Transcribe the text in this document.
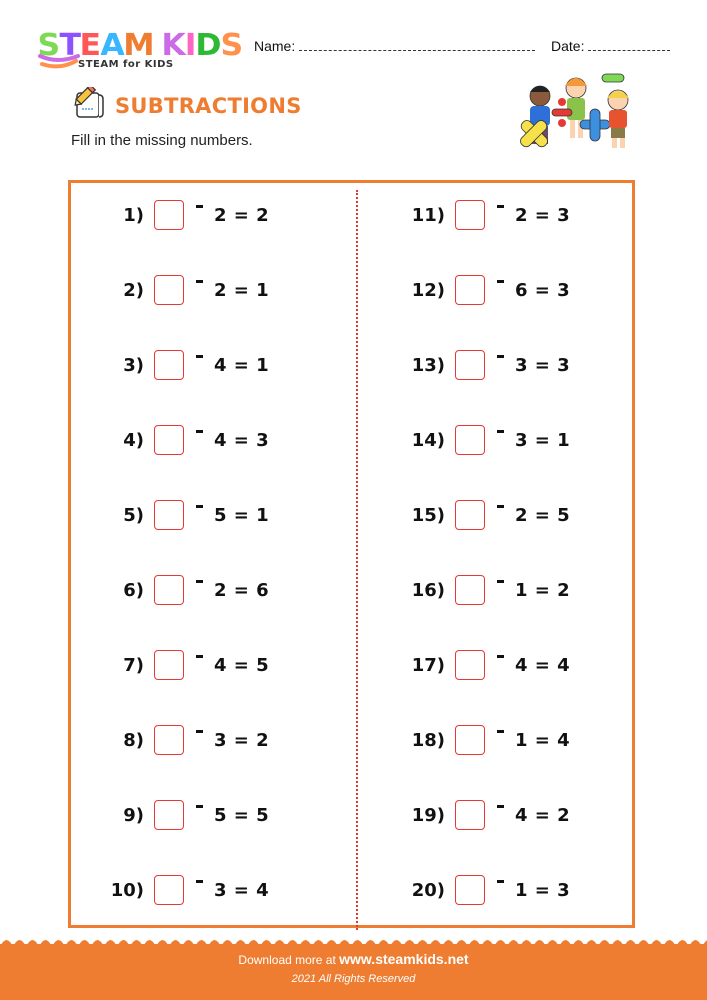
STEAM KIDS
STEAM for KIDS
Name:	Date:
SUBTRACTIONS
Fill in the missing numbers.
1)	2 = 2
2)	2 = 1
3)	4 = 1
4)	4 = 3
5)	5 = 1
6)	2 = 6
7)	4 = 5
8)	3 = 2
9)	5 = 5
10)	3 = 4
11)	2 = 3
12)	6 = 3
13)	3 = 3
14)	3 = 1
15)	2 = 5
16)	1 = 2
17)	4 = 4
18)	1 = 4
19)	4 = 2
20)	1 = 3
Download more at www.steamkids.net
2021 All Rights Reserved
